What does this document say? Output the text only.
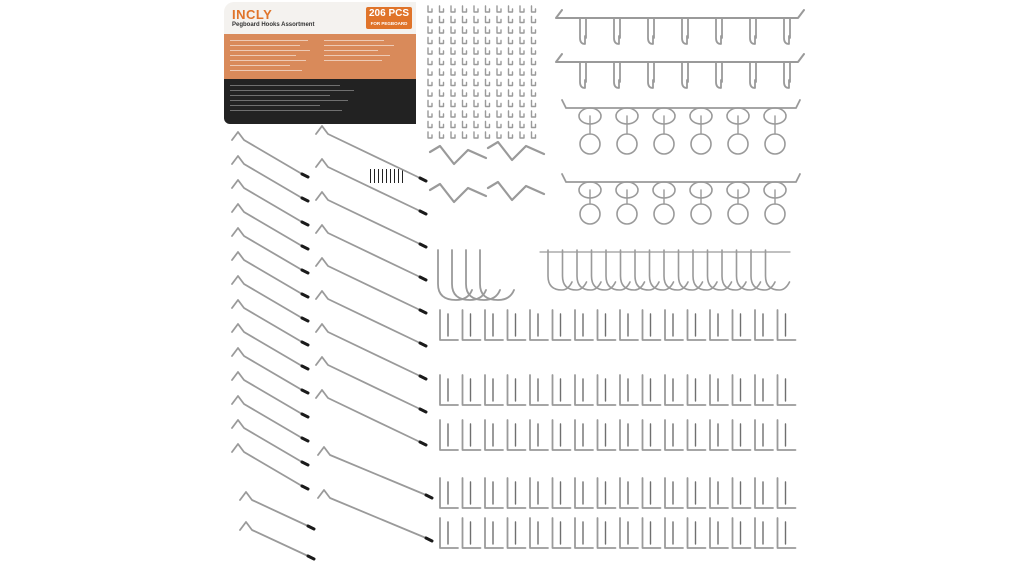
INCLY
Pegboard Hooks Assortment
206 PCS
FOR PEGBOARD
